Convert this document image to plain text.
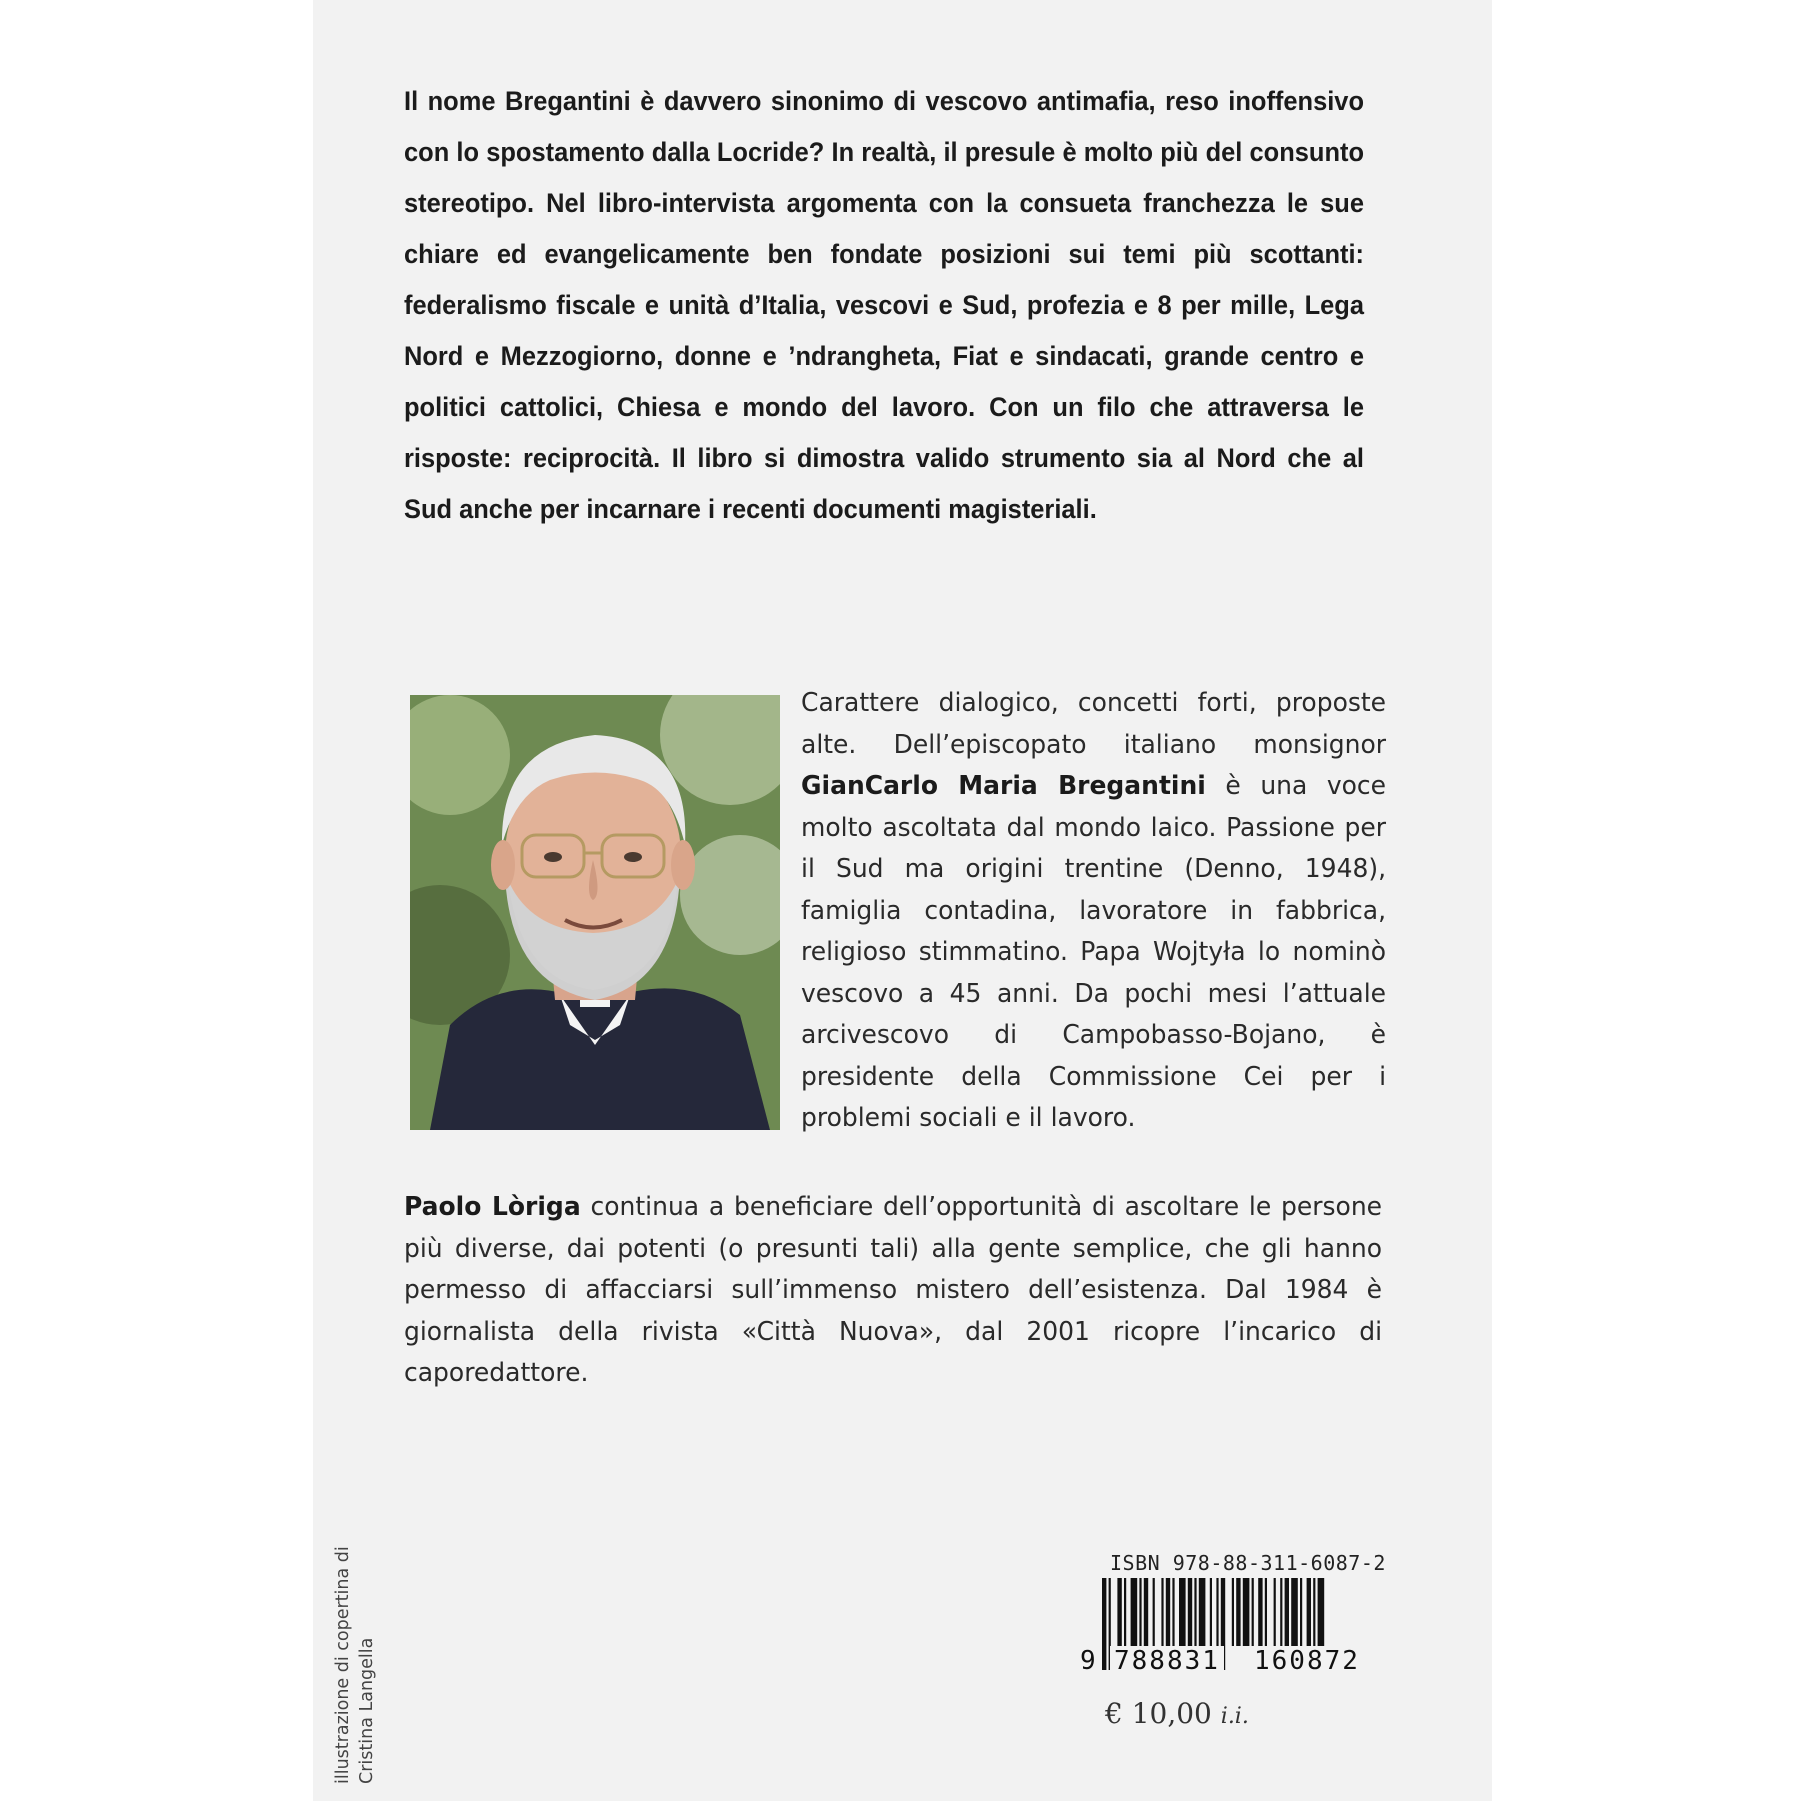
Il nome Bregantini è davvero sinonimo di vescovo antimafia, reso inoffensivo con lo spostamento dalla Locride? In realtà, il presule è molto più del consunto stereotipo. Nel libro-intervista argomenta con la consueta franchezza le sue chiare ed evangelicamente ben fondate posizioni sui temi più scottanti: federalismo fiscale e unità d’Italia, vescovi e Sud, profezia e 8 per mille, Lega Nord e Mezzogiorno, donne e ’ndrangheta, Fiat e sindacati, grande centro e politici cattolici, Chiesa e mondo del lavoro. Con un filo che attraversa le risposte: reciprocità. Il libro si dimostra valido strumento sia al Nord che al Sud anche per incarnare i recenti documenti magisteriali.

Carattere dialogico, concetti forti, proposte alte. Dell’episcopato italiano monsignor GianCarlo Maria Bregantini è una voce molto ascoltata dal mondo laico. Passione per il Sud ma origini trentine (Denno, 1948), famiglia contadina, lavoratore in fabbrica, religioso stimmatino. Papa Wojtyła lo nominò vescovo a 45 anni. Da pochi mesi l’attuale arcivescovo di Campobasso-Bojano, è presidente della Commissione Cei per i problemi sociali e il lavoro.

Paolo Lòriga continua a beneficiare dell’opportunità di ascoltare le persone più diverse, dai potenti (o presunti tali) alla gente semplice, che gli hanno permesso di affacciarsi sull’immenso mistero dell’esistenza. Dal 1984 è giornalista della rivista «Città Nuova», dal 2001 ricopre l’incarico di caporedattore.

illustrazione di copertina di Cristina Langella
ISBN 978-88-311-6087-2
9 788831 160872
€ 10,00 i.i.
